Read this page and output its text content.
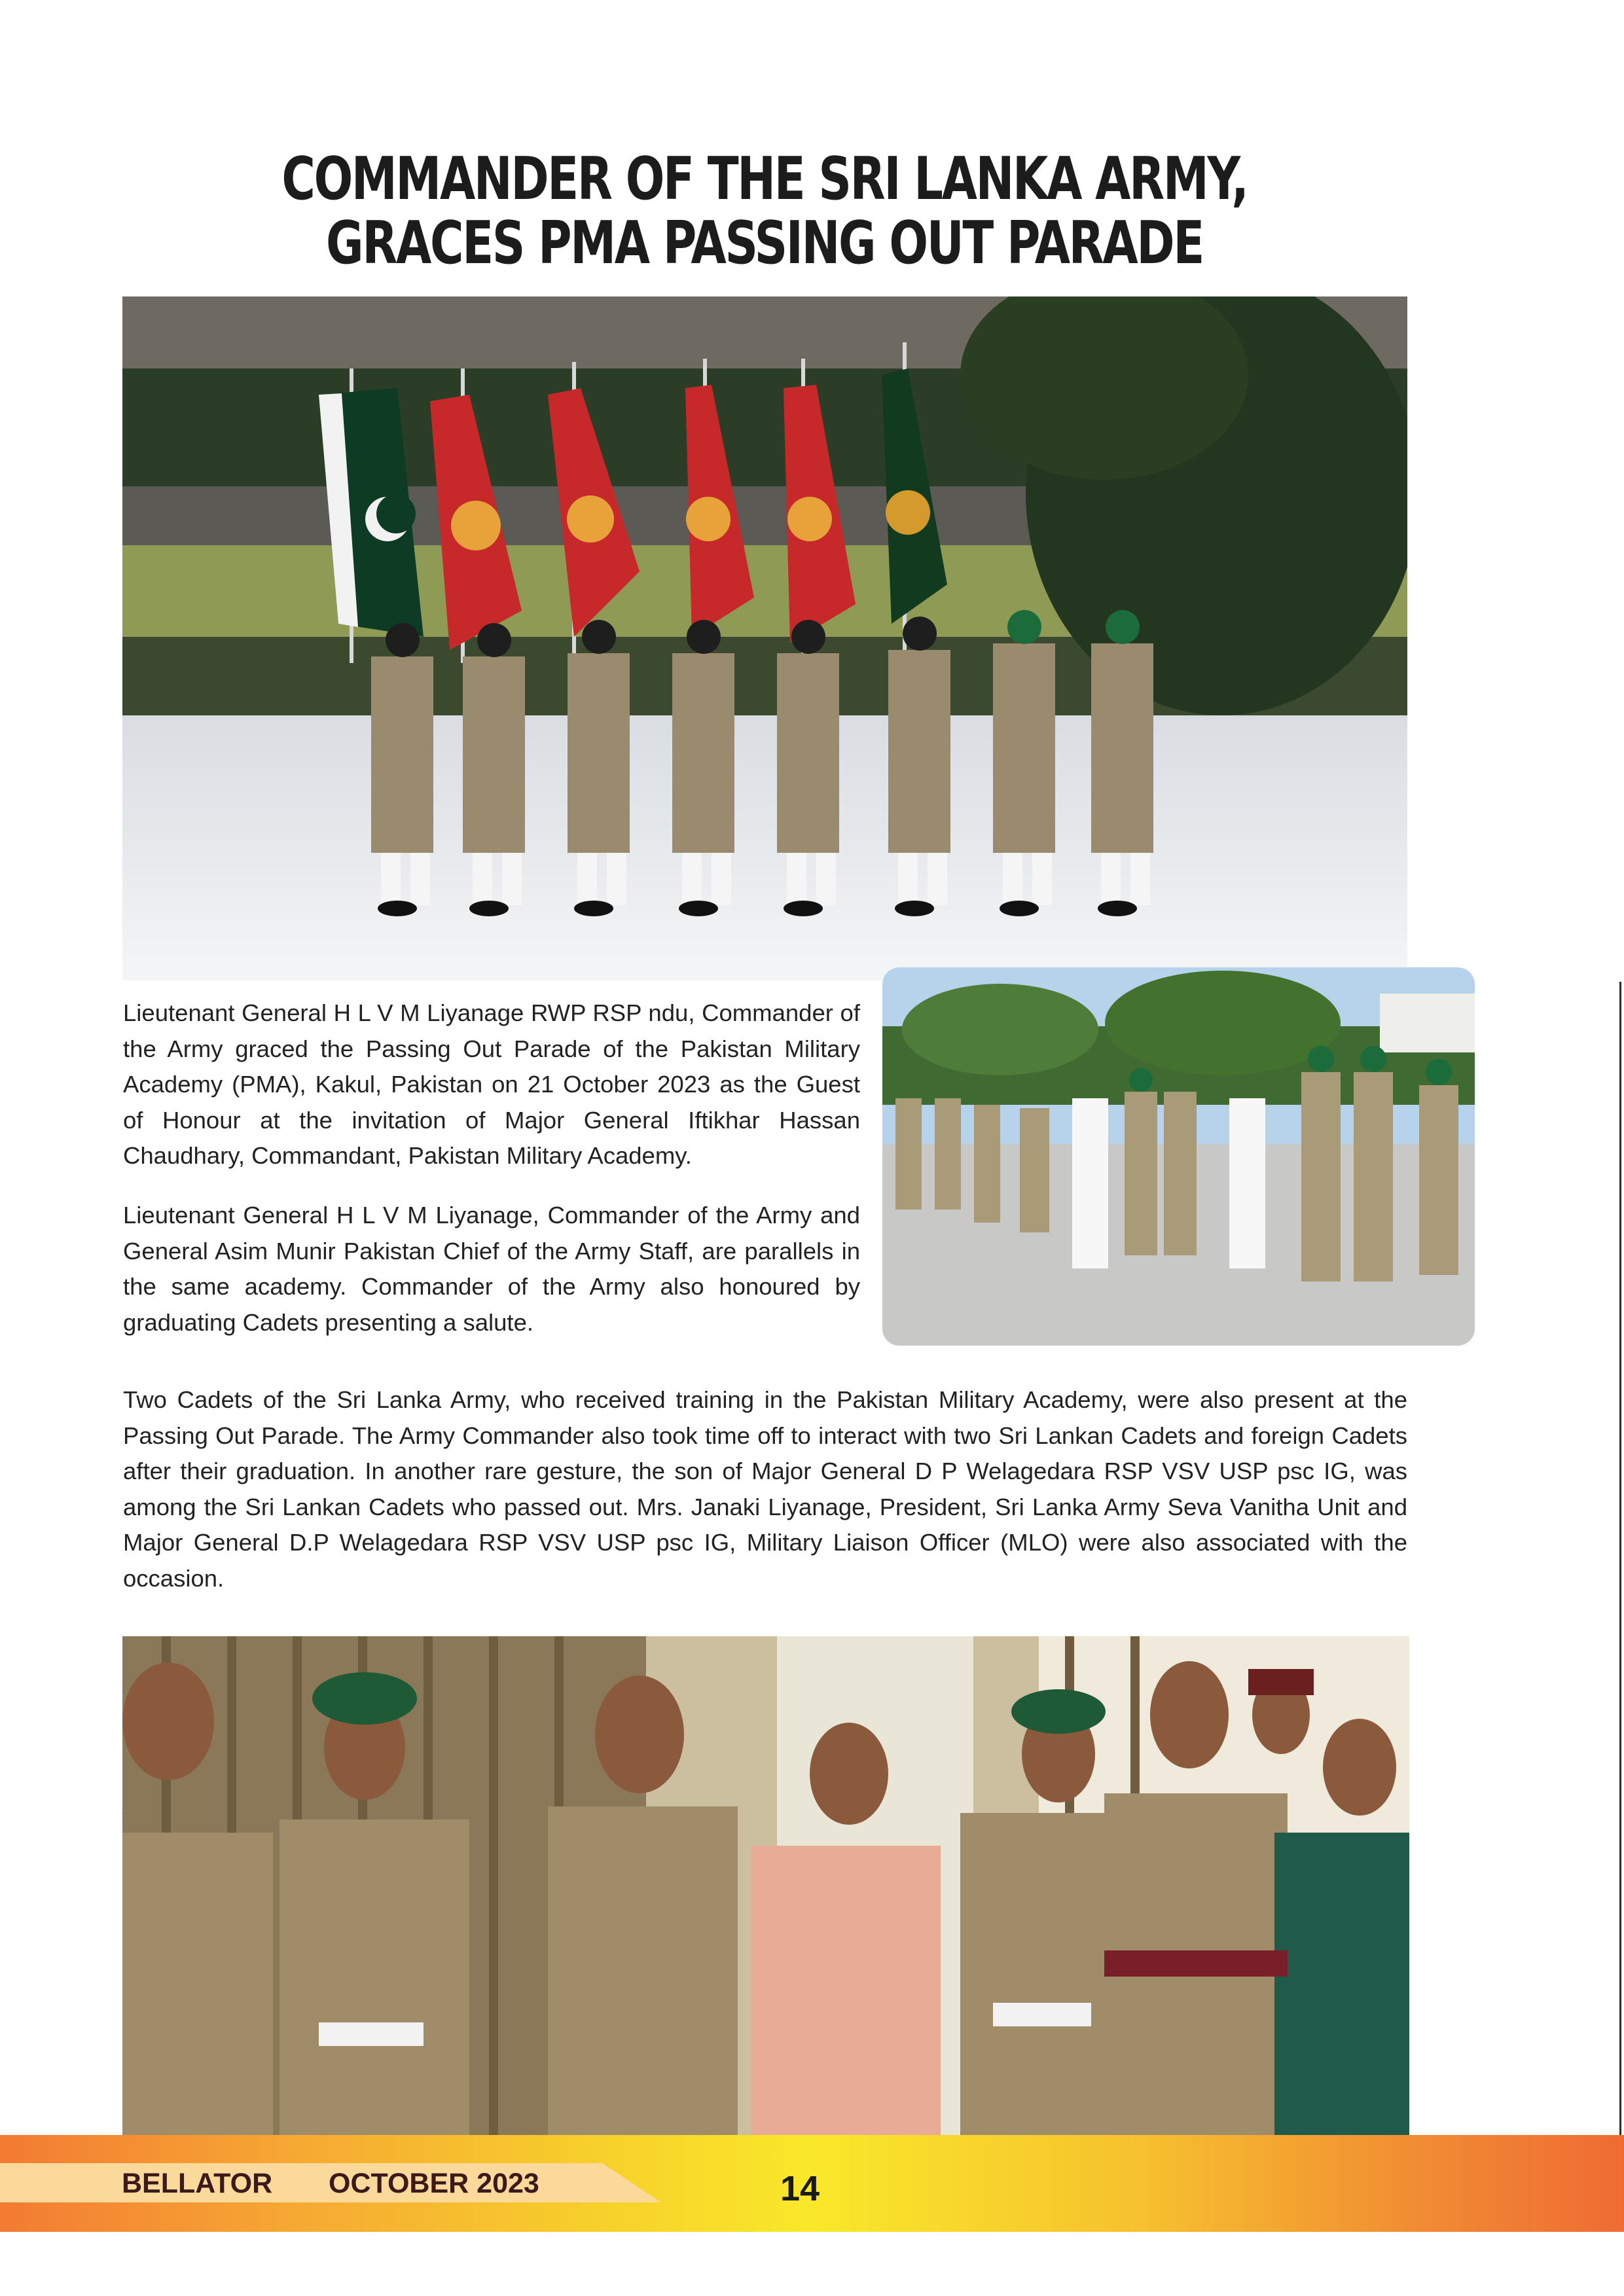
COMMANDER OF THE SRI LANKA ARMY, GRACES PMA PASSING OUT PARADE

Lieutenant General H L V M Liyanage RWP RSP ndu, Commander of the Army graced the Passing Out Parade of the Pakistan Military Academy (PMA), Kakul, Pakistan on 21 October 2023 as the Guest of Honour at the invitation of Major General Iftikhar Hassan Chaudhary, Commandant, Pakistan Military Academy.

Lieutenant General H L V M Liyanage, Commander of the Army and General Asim Munir Pakistan Chief of the Army Staff, are parallels in the same academy. Commander of the Army also honoured by graduating Cadets presenting a salute.

Two Cadets of the Sri Lanka Army, who received training in the Pakistan Military Academy, were also present at the Passing Out Parade. The Army Commander also took time off to interact with two Sri Lankan Cadets and foreign Cadets after their graduation. In another rare gesture, the son of Major General D P Welagedara RSP VSV USP psc IG, was among the Sri Lankan Cadets who passed out. Mrs. Janaki Liyanage, President, Sri Lanka Army Seva Vanitha Unit and Major General D.P Welagedara RSP VSV USP psc IG, Military Liaison Officer (MLO) were also associated with the occasion.

BELLATOR OCTOBER 2023	14
